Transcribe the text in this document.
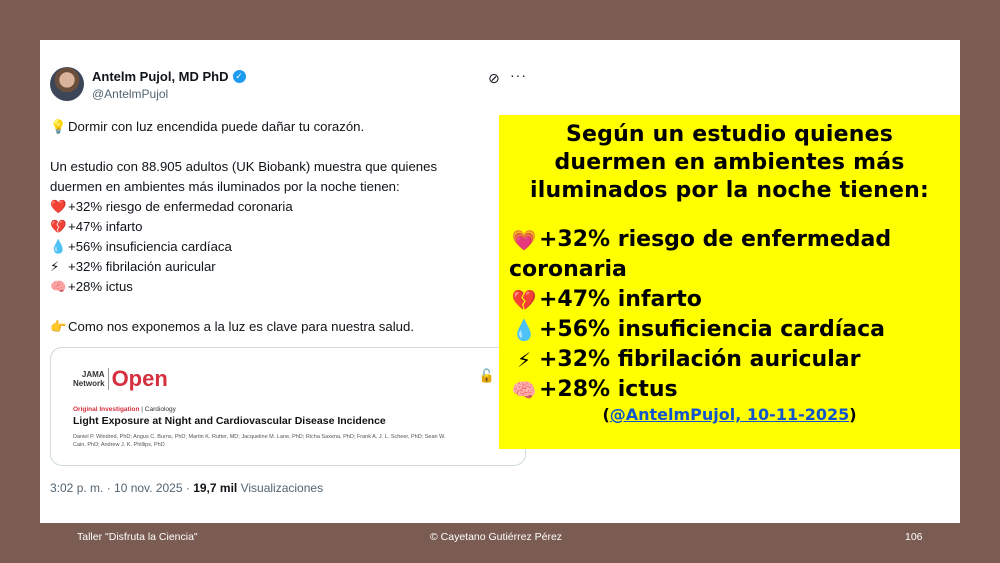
Antelm Pujol, MD PhD ✓
@AntelmPujol
⊘ ···
💡 Dormir con luz encendida puede dañar tu corazón.
Un estudio con 88.905 adultos (UK Biobank) muestra que quienes
duermen en ambientes más iluminados por la noche tienen:
❤️ +32% riesgo de enfermedad coronaria
💔 +47% infarto
💧 +56% insuficiencia cardíaca
⚡ +32% fibrilación auricular
🧠 +28% ictus
👉 Como nos exponemos a la luz es clave para nuestra salud.
JAMA
Network Open	🔓
Original Investigation | Cardiology
Light Exposure at Night and Cardiovascular Disease Incidence
Daniel P. Windred, PhD; Angus C. Burns, PhD; Martin K. Rutter, MD; Jacqueline M. Lane, PhD; Richa Saxena, PhD; Frank A. J. L. Scheer, PhD; Sean W. Cain, PhD; Andrew J. K. Phillips, PhD
3:02 p. m. · 10 nov. 2025 · 19,7 mil Visualizaciones
Según un estudio quienes
duermen en ambientes más
iluminados por la noche tienen:
💗 +32% riesgo de enfermedad
coronaria
💔 +47% infarto
💧 +56% insuficiencia cardíaca
⚡ +32% fibrilación auricular
🧠 +28% ictus
(@AntelmPujol, 10-11-2025)
Taller "Disfruta la Ciencia"	© Cayetano Gutiérrez Pérez	106
